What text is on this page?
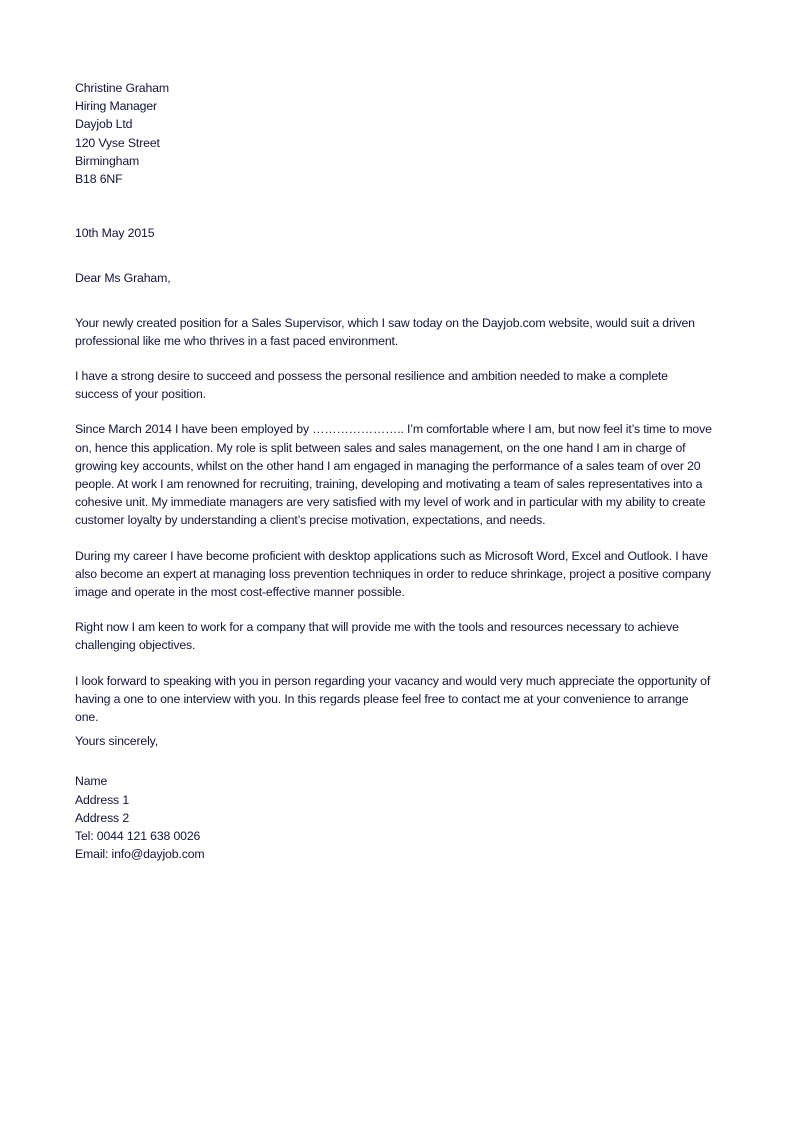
Christine Graham
Hiring Manager
Dayjob Ltd
120 Vyse Street
Birmingham
B18 6NF
10th May 2015
Dear Ms Graham,

Your newly created position for a Sales Supervisor, which I saw today on the Dayjob.com website, would suit a driven professional like me who thrives in a fast paced environment.

I have a strong desire to succeed and possess the personal resilience and ambition needed to make a complete success of your position.

Since March 2014 I have been employed by ………………….. I’m comfortable where I am, but now feel it’s time to move on, hence this application. My role is split between sales and sales management, on the one hand I am in charge of growing key accounts, whilst on the other hand I am engaged in managing the performance of a sales team of over 20 people. At work I am renowned for recruiting, training, developing and motivating a team of sales representatives into a cohesive unit. My immediate managers are very satisfied with my level of work and in particular with my ability to create customer loyalty by understanding a client’s precise motivation, expectations, and needs.

During my career I have become proficient with desktop applications such as Microsoft Word, Excel and Outlook. I have also become an expert at managing loss prevention techniques in order to reduce shrinkage, project a positive company image and operate in the most cost-effective manner possible.

Right now I am keen to work for a company that will provide me with the tools and resources necessary to achieve challenging objectives.

I look forward to speaking with you in person regarding your vacancy and would very much appreciate the opportunity of having a one to one interview with you. In this regards please feel free to contact me at your convenience to arrange one.

Yours sincerely,
Name
Address 1
Address 2
Tel: 0044 121 638 0026
Email: info@dayjob.com
